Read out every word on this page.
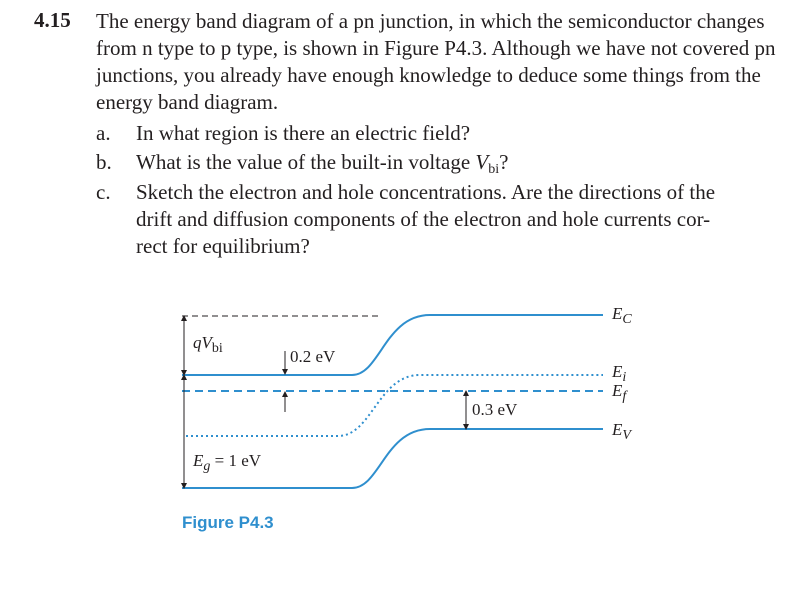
4.15 The energy band diagram of a pn junction, in which the semiconductor changes from n type to p type, is shown in Figure P4.3. Although we have not covered pn junctions, you already have enough knowledge to deduce some things from the energy band diagram.
a. In what region is there an electric field?
b. What is the value of the built-in voltage $V_{bi}$?
c. Sketch the electron and hole concentrations. Are the directions of the
drift and diffusion components of the electron and hole currents cor-
rect for equilibrium?
$qV_{bi}$	0.2 eV
0.3 eV
$E_g = 1$ eV
$E_C$
$E_i$
$E_f$
$E_V$
Figure P4.3
